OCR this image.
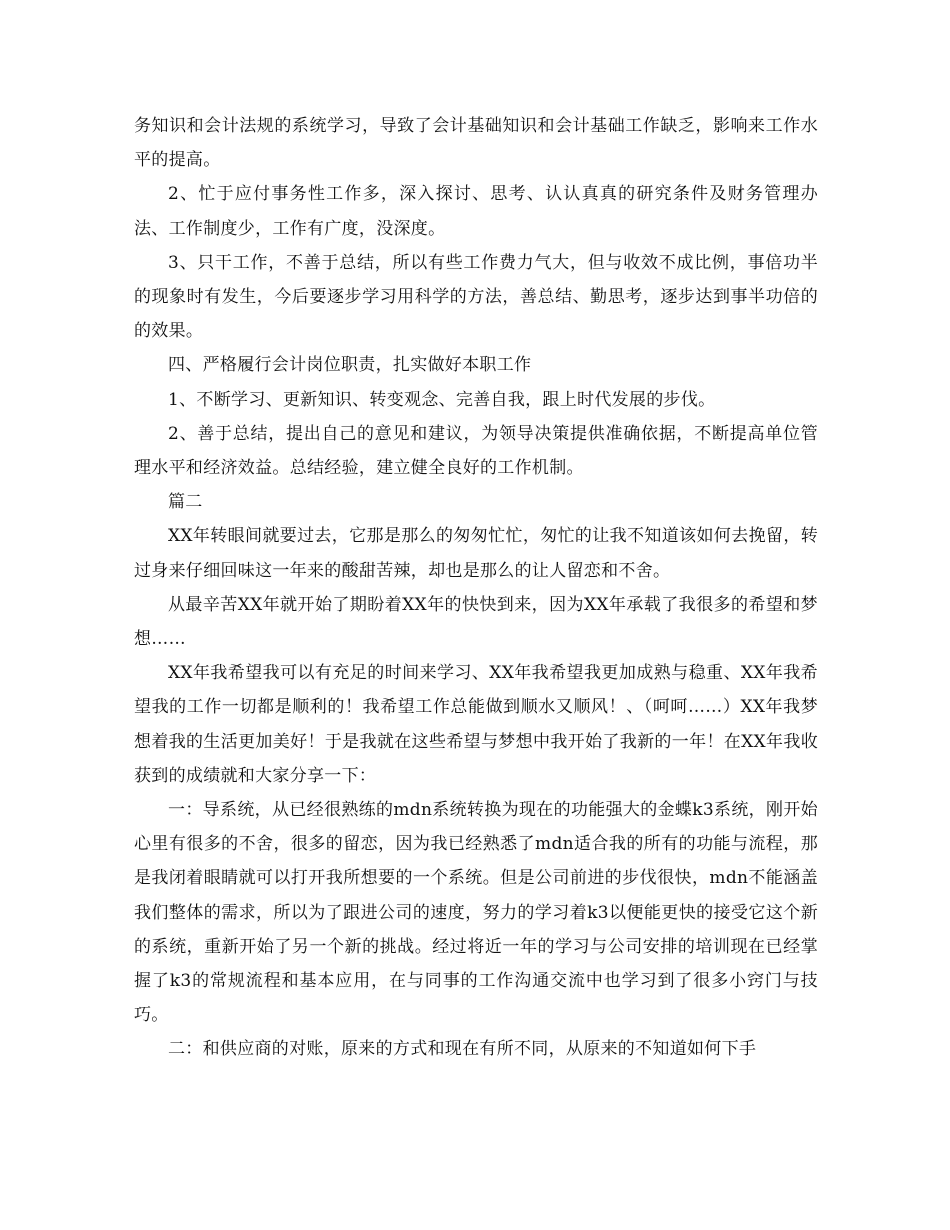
务知识和会计法规的系统学习，导致了会计基础知识和会计基础工作缺乏，影响来工作水平的提高。

2、忙于应付事务性工作多，深入探讨、思考、认认真真的研究条件及财务管理办法、工作制度少，工作有广度，没深度。

3、只干工作，不善于总结，所以有些工作费力气大，但与收效不成比例，事倍功半的现象时有发生，今后要逐步学习用科学的方法，善总结、勤思考，逐步达到事半功倍的的效果。

四、严格履行会计岗位职责，扎实做好本职工作

1、不断学习、更新知识、转变观念、完善自我，跟上时代发展的步伐。

2、善于总结，提出自己的意见和建议，为领导决策提供准确依据，不断提高单位管理水平和经济效益。总结经验，建立健全良好的工作机制。

篇二

XX年转眼间就要过去，它那是那么的匆匆忙忙，匆忙的让我不知道该如何去挽留，转过身来仔细回味这一年来的酸甜苦辣，却也是那么的让人留恋和不舍。

从最辛苦XX年就开始了期盼着XX年的快快到来，因为XX年承载了我很多的希望和梦想……

XX年我希望我可以有充足的时间来学习、XX年我希望我更加成熟与稳重、XX年我希望我的工作一切都是顺利的！我希望工作总能做到顺水又顺风！、（呵呵……）XX年我梦想着我的生活更加美好！于是我就在这些希望与梦想中我开始了我新的一年！在XX年我收获到的成绩就和大家分享一下：

一：导系统，从已经很熟练的mdn系统转换为现在的功能强大的金蝶k3系统，刚开始心里有很多的不舍，很多的留恋，因为我已经熟悉了mdn适合我的所有的功能与流程，那是我闭着眼睛就可以打开我所想要的一个系统。但是公司前进的步伐很快，mdn不能涵盖我们整体的需求，所以为了跟进公司的速度，努力的学习着k3以便能更快的接受它这个新的系统，重新开始了另一个新的挑战。经过将近一年的学习与公司安排的培训现在已经掌握了k3的常规流程和基本应用，在与同事的工作沟通交流中也学习到了很多小窍门与技巧。

二：和供应商的对账，原来的方式和现在有所不同，从原来的不知道如何下手
